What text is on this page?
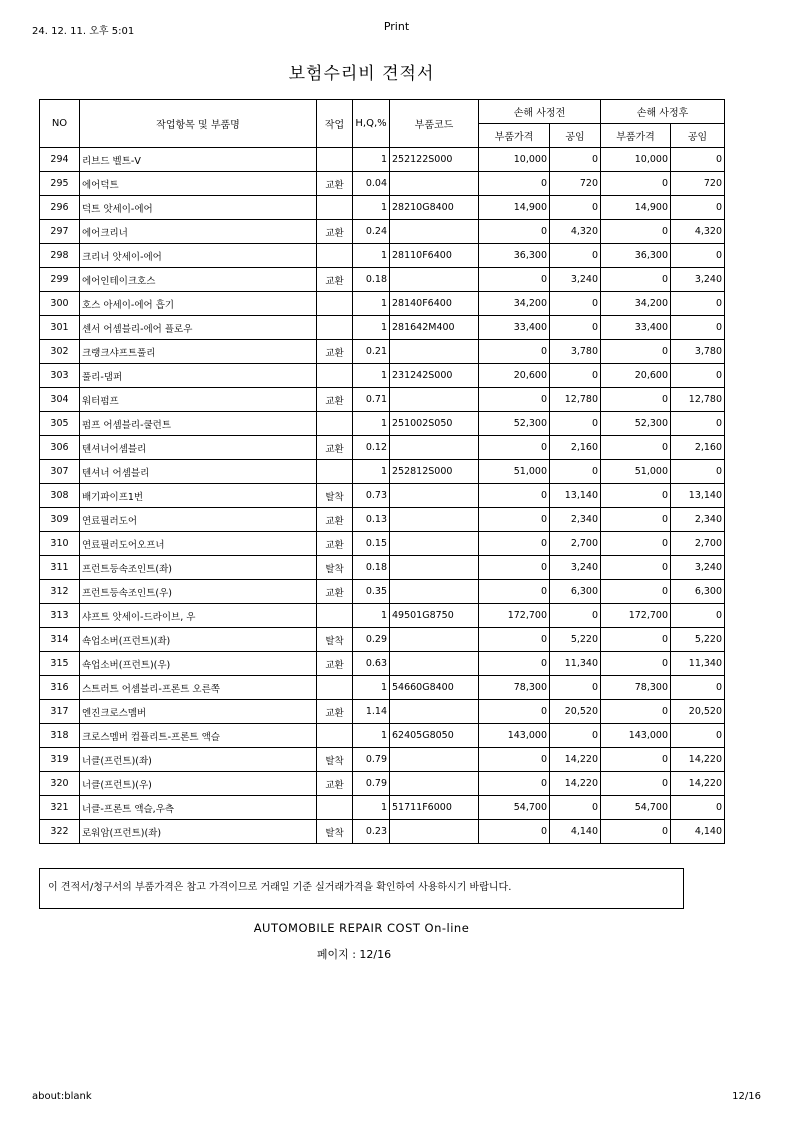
24. 12. 11. 오후 5:01	Print
보험수리비 견적서
NO	작업항목 및 부품명	작업	H,Q,%	부품코드	손해 사정전		손해 사정후	
					부품가격	공임	부품가격	공임
294	리브드 벨트-V		1	252122S000	10,000	0	10,000	0
295	에어덕트	교환	0.04		0	720	0	720
296	덕트 앗세이-에어		1	28210G8400	14,900	0	14,900	0
297	에어크리너	교환	0.24		0	4,320	0	4,320
298	크리너 앗세이-에어		1	28110F6400	36,300	0	36,300	0
299	에어인테이크호스	교환	0.18		0	3,240	0	3,240
300	호스 아세이-에어 흡기		1	28140F6400	34,200	0	34,200	0
301	센서 어셈블리-에어 플로우		1	281642M400	33,400	0	33,400	0
302	크랭크샤프트풀리	교환	0.21		0	3,780	0	3,780
303	풀리-댐퍼		1	231242S000	20,600	0	20,600	0
304	워터펌프	교환	0.71		0	12,780	0	12,780
305	펌프 어셈블리-쿨런트		1	251002S050	52,300	0	52,300	0
306	텐셔너어셈블리	교환	0.12		0	2,160	0	2,160
307	텐셔너 어셈블리		1	252812S000	51,000	0	51,000	0
308	배기파이프1번	탈착	0.73		0	13,140	0	13,140
309	연료필러도어	교환	0.13		0	2,340	0	2,340
310	연료필러도어오프너	교환	0.15		0	2,700	0	2,700
311	프런트등속조인트(좌)	탈착	0.18		0	3,240	0	3,240
312	프런트등속조인트(우)	교환	0.35		0	6,300	0	6,300
313	샤프트 앗세이-드라이브, 우		1	49501G8750	172,700	0	172,700	0
314	쇽업소버(프런트)(좌)	탈착	0.29		0	5,220	0	5,220
315	쇽업소버(프런트)(우)	교환	0.63		0	11,340	0	11,340
316	스트러트 어셈블리-프론트 오른쪽		1	54660G8400	78,300	0	78,300	0
317	엔진크로스멤버	교환	1.14		0	20,520	0	20,520
318	크로스멤버 컴플리트-프론트 액슬		1	62405G8050	143,000	0	143,000	0
319	너클(프런트)(좌)	탈착	0.79		0	14,220	0	14,220
320	너클(프런트)(우)	교환	0.79		0	14,220	0	14,220
321	너클-프론트 액슬,우측		1	51711F6000	54,700	0	54,700	0
322	로워암(프런트)(좌)	탈착	0.23		0	4,140	0	4,140
이 견적서/청구서의 부품가격은 참고 가격이므로 거래일 기준 실거래가격을 확인하여 사용하시기 바랍니다.
AUTOMOBILE REPAIR COST On-line
페이지 : 12/16
about:blank	12/16
